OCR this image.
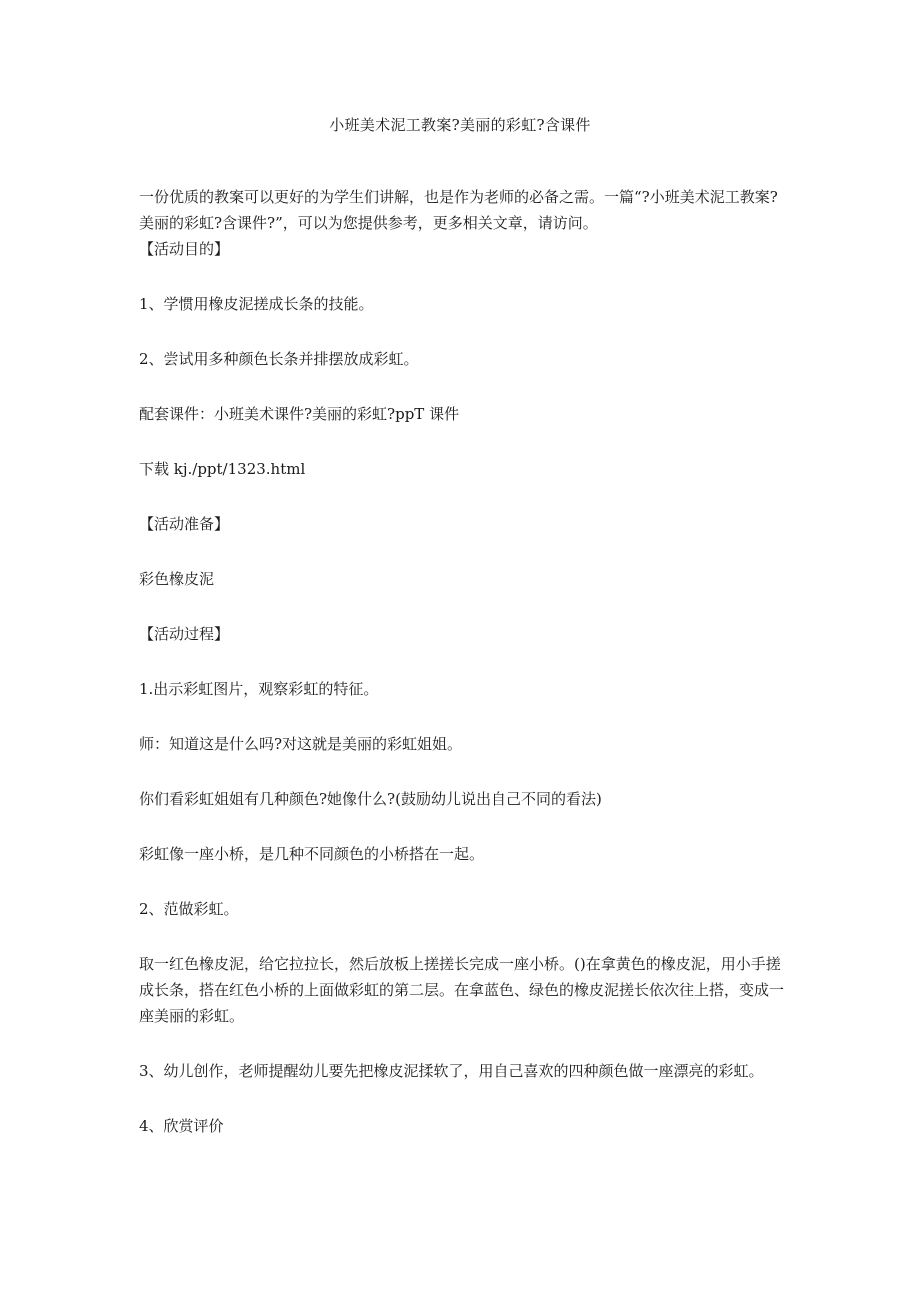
小班美术泥工教案?美丽的彩虹?含课件

一份优质的教案可以更好的为学生们讲解，也是作为老师的必备之需。一篇“?小班美术泥工教案?美丽的彩虹?含课件?”，可以为您提供参考，更多相关文章，请访问。

【活动目的】

1、学惯用橡皮泥搓成长条的技能。

2、尝试用多种颜色长条并排摆放成彩虹。

配套课件：小班美术课件?美丽的彩虹?ppT 课件

下载 kj./ppt/1323.html

【活动准备】

彩色橡皮泥

【活动过程】

1.出示彩虹图片，观察彩虹的特征。

师：知道这是什么吗?对这就是美丽的彩虹姐姐。

你们看彩虹姐姐有几种颜色?她像什么?(鼓励幼儿说出自己不同的看法)

彩虹像一座小桥，是几种不同颜色的小桥搭在一起。

2、范做彩虹。

取一红色橡皮泥，给它拉拉长，然后放板上搓搓长完成一座小桥。()在拿黄色的橡皮泥，用小手搓成长条，搭在红色小桥的上面做彩虹的第二层。在拿蓝色、绿色的橡皮泥搓长依次往上搭，变成一座美丽的彩虹。

3、幼儿创作，老师提醒幼儿要先把橡皮泥揉软了，用自己喜欢的四种颜色做一座漂亮的彩虹。

4、欣赏评价
